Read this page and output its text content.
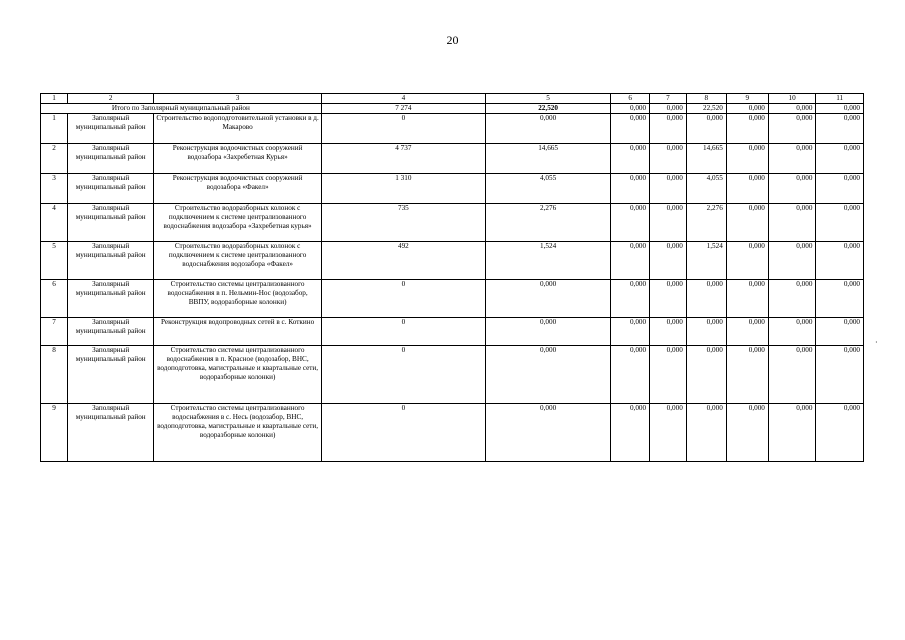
20
1	2	3	4	5	6	7	8	9	10	11
Итого по Заполярный муниципальный район			7 274	22,520	0,000	0,000	22,520	0,000	0,000	0,000
1	Заполярный муниципальный район	Строительство водоподготовительной установки в д. Макарово	0	0,000	0,000	0,000	0,000	0,000	0,000	0,000
2	Заполярный муниципальный район	Реконструкция водоочистных сооружений водозабора «Захребетная Курья»	4 737	14,665	0,000	0,000	14,665	0,000	0,000	0,000
3	Заполярный муниципальный район	Реконструкция водоочистных сооружений водозабора «Факел»	1 310	4,055	0,000	0,000	4,055	0,000	0,000	0,000
4	Заполярный муниципальный район	Строительство водоразборных колонок с подключением к системе централизованного водоснабжения водозабора «Захребетная курья»	735	2,276	0,000	0,000	2,276	0,000	0,000	0,000
5	Заполярный муниципальный район	Строительство водоразборных колонок с подключением к системе централизованного водоснабжения водозабора «Факел»	492	1,524	0,000	0,000	1,524	0,000	0,000	0,000
6	Заполярный муниципальный район	Строительство системы централизованного водоснабжения в п. Нельмин-Нос (водозабор, ВВПУ, водоразборные колонки)	0	0,000	0,000	0,000	0,000	0,000	0,000	0,000
7	Заполярный муниципальный район	Реконструкция водопроводных сетей в с. Коткино	0	0,000	0,000	0,000	0,000	0,000	0,000	0,000
8	Заполярный муниципальный район	Строительство системы централизованного водоснабжения в п. Красное (водозабор, ВНС, водоподготовка, магистральные и квартальные сети, водоразборные колонки)	0	0,000	0,000	0,000	0,000	0,000	0,000	0,000
9	Заполярный муниципальный район	Строительство системы централизованного водоснабжения в с. Несь (водозабор, ВНС, водоподготовка, магистральные и квартальные сети, водоразборные колонки)	0	0,000	0,000	0,000	0,000	0,000	0,000	0,000
·
